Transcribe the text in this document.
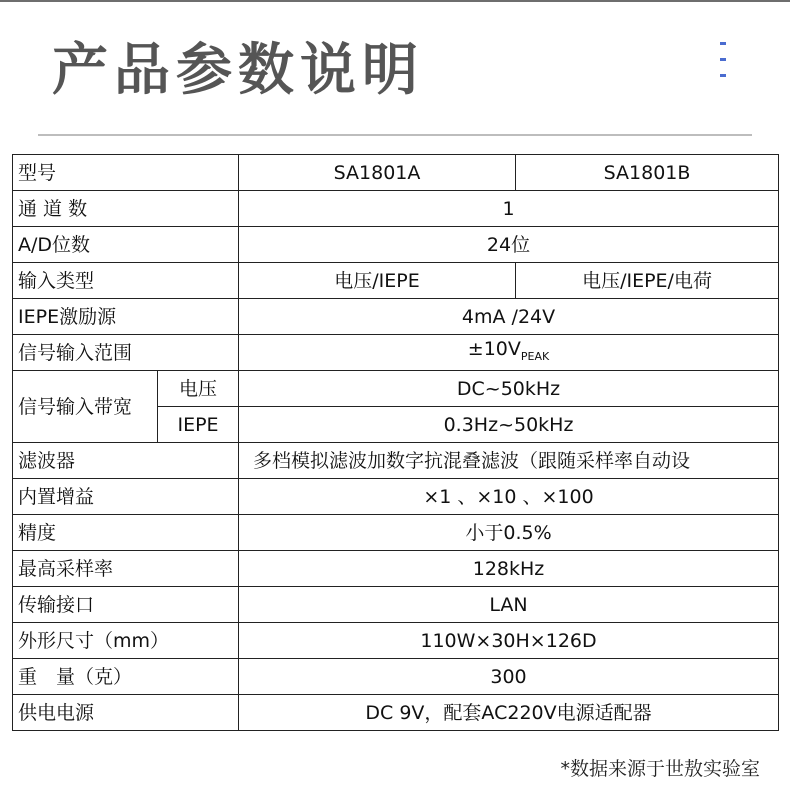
产品参数说明
型号		SA1801A	SA1801B
通 道 数		1	
A/D位数		24位	
输入类型		电压/IEPE	电压/IEPE/电荷
IEPE激励源		4mA /24V	
信号输入范围		$\pm 10V_{PEAK}$
信号输入带宽	电压	DC~50kHz	
	IEPE	0.3Hz~50kHz	
滤波器		多档模拟滤波加数字抗混叠滤波（跟随采样率自动设	
内置增益		×1 、×10 、×100	
精度		小于0.5%	
最高采样率		128kHz	
传输接口		LAN	
外形尺寸（mm）		110W×30H×126D	
重　量（克）		300	
供电电源		DC 9V，配套AC220V电源适配器	
*数据来源于世敖实验室
